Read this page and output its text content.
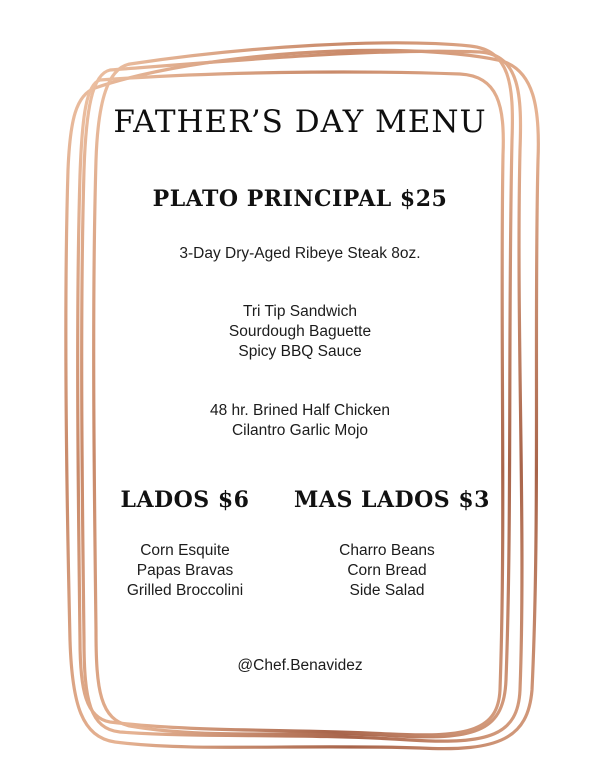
FATHER’S DAY MENU
PLATO PRINCIPAL $25
3-Day Dry-Aged Ribeye Steak 8oz.
Tri Tip Sandwich
Sourdough Baguette
Spicy BBQ Sauce
48 hr. Brined Half Chicken
Cilantro Garlic Mojo
LADOS $6	MAS LADOS $3
Corn Esquite
Papas Bravas
Grilled Broccolini
Charro Beans
Corn Bread
Side Salad
@Chef.Benavidez
